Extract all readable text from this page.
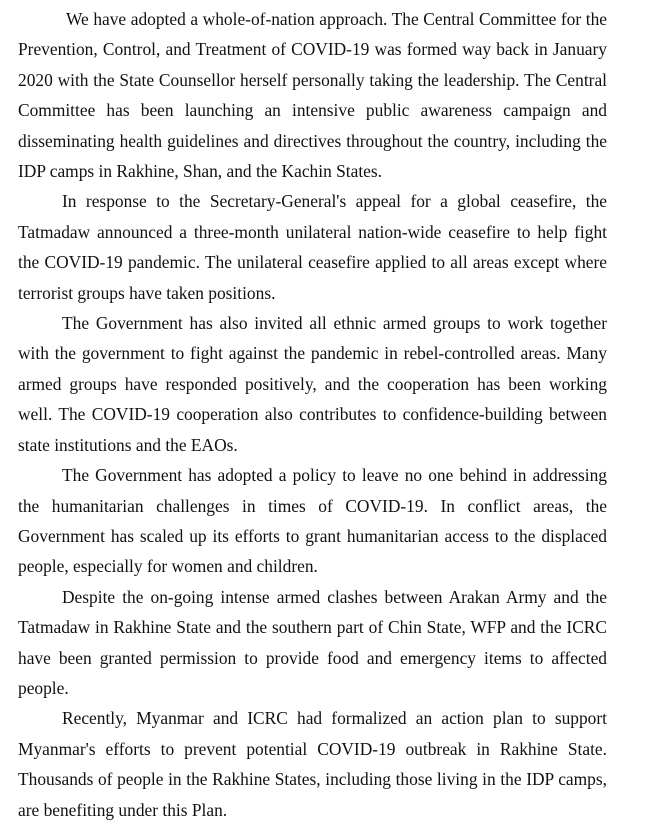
We have adopted a whole-of-nation approach. The Central Committee for the Prevention, Control, and Treatment of COVID-19 was formed way back in January 2020 with the State Counsellor herself personally taking the leadership. The Central Committee has been launching an intensive public awareness campaign and disseminating health guidelines and directives throughout the country, including the IDP camps in Rakhine, Shan, and the Kachin States.

In response to the Secretary-General's appeal for a global ceasefire, the Tatmadaw announced a three-month unilateral nation-wide ceasefire to help fight the COVID-19 pandemic. The unilateral ceasefire applied to all areas except where terrorist groups have taken positions.

The Government has also invited all ethnic armed groups to work together with the government to fight against the pandemic in rebel-controlled areas. Many armed groups have responded positively, and the cooperation has been working well. The COVID-19 cooperation also contributes to confidence-building between state institutions and the EAOs.

The Government has adopted a policy to leave no one behind in addressing the humanitarian challenges in times of COVID-19. In conflict areas, the Government has scaled up its efforts to grant humanitarian access to the displaced people, especially for women and children.

Despite the on-going intense armed clashes between Arakan Army and the Tatmadaw in Rakhine State and the southern part of Chin State, WFP and the ICRC have been granted permission to provide food and emergency items to affected people.

Recently, Myanmar and ICRC had formalized an action plan to support Myanmar's efforts to prevent potential COVID-19 outbreak in Rakhine State. Thousands of people in the Rakhine States, including those living in the IDP camps, are benefiting under this Plan.
